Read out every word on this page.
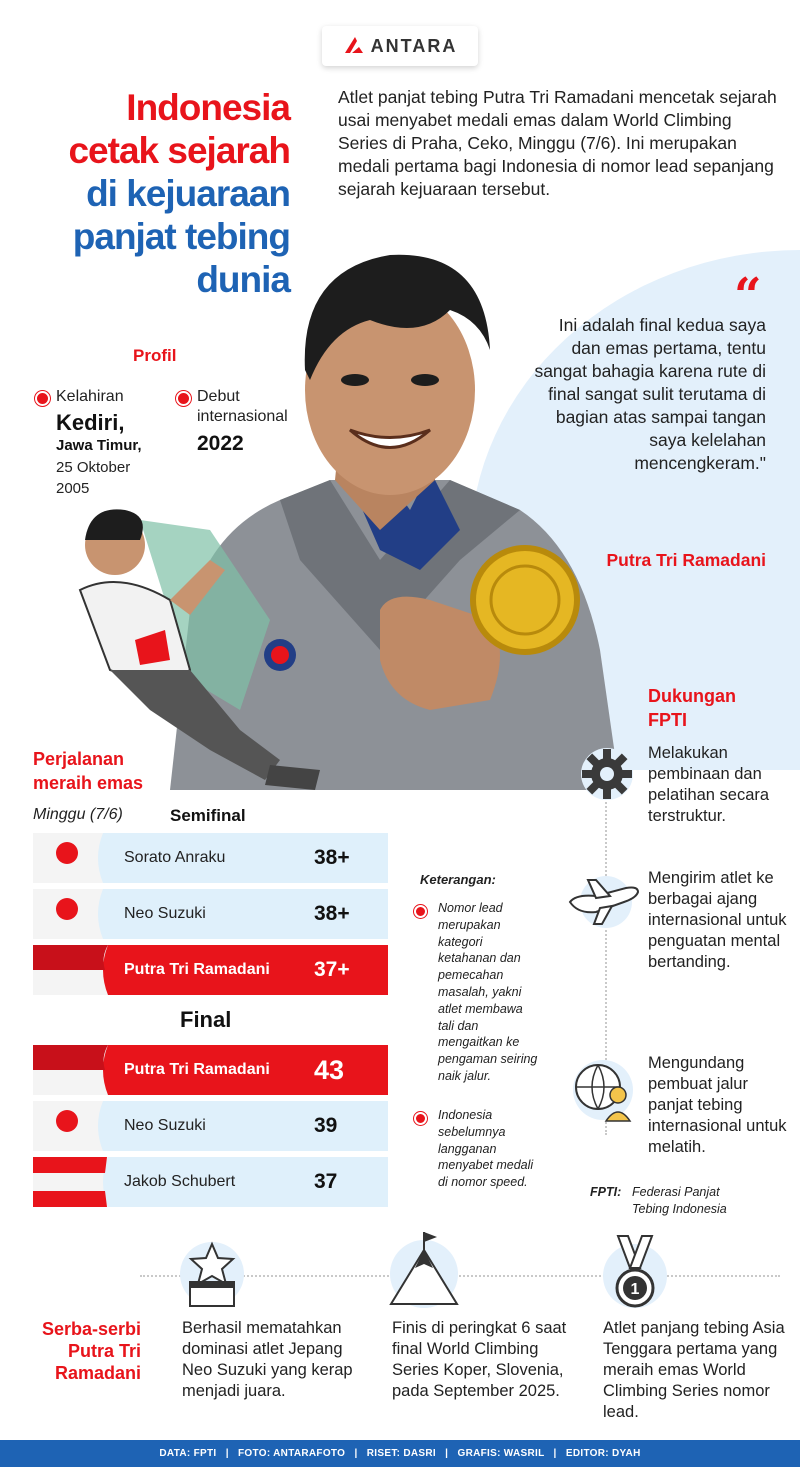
ANTARA
Indonesia
cetak sejarah
di kejuaraan
panjat tebing
dunia
Atlet panjat tebing Putra Tri Ramadani mencetak sejarah usai menyabet medali emas dalam World Climbing Series di Praha, Ceko, Minggu (7/6). Ini merupakan medali pertama bagi Indonesia di nomor lead sepanjang sejarah kejuaraan tersebut.
“
Ini adalah final kedua saya dan emas pertama, tentu sangat bahagia karena rute di final sangat sulit terutama di bagian atas sampai tangan saya kelelahan mencengkeram."
Putra Tri Ramadani
Profil
Kelahiran
Kediri,
Jawa Timur,
25 Oktober 2005
Debut internasional
2022
Perjalanan meraih emas
Minggu (7/6)	Semifinal
Sorato Anraku	38+
Neo Suzuki	38+
Putra Tri Ramadani	37+
Final
Putra Tri Ramadani	43
Neo Suzuki	39
Jakob Schubert	37
Keterangan:
Nomor lead merupakan kategori ketahanan dan pemecahan masalah, yakni atlet membawa tali dan mengaitkan ke pengaman seiring naik jalur.
Indonesia sebelumnya langganan menyabet medali di nomor speed.
Dukungan FPTI
Melakukan pembinaan dan pelatihan secara terstruktur.
Mengirim atlet ke berbagai ajang internasional untuk penguatan mental bertanding.
Mengundang pembuat jalur panjat tebing internasional untuk melatih.
FPTI: Federasi Panjat Tebing Indonesia
Serba-serbi Putra Tri Ramadani
Berhasil mematahkan dominasi atlet Jepang Neo Suzuki yang kerap menjadi juara.
Finis di peringkat 6 saat final World Climbing Series Koper, Slovenia, pada September 2025.
1
Atlet panjang tebing Asia Tenggara pertama yang meraih emas World Climbing Series nomor lead.
DATA: FPTI   |   FOTO: ANTARAFOTO   |   RISET: DASRI   |   GRAFIS: WASRIL   |   EDITOR: DYAH
